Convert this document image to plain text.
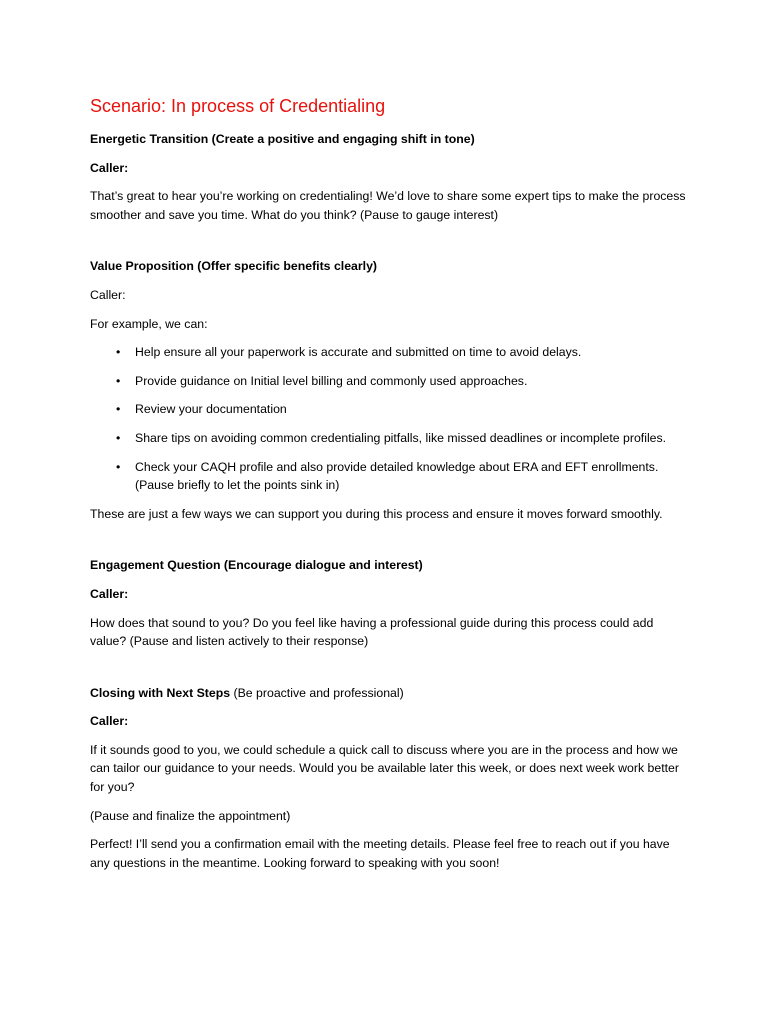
Scenario: In process of Credentialing

Energetic Transition (Create a positive and engaging shift in tone)

Caller:

That’s great to hear you’re working on credentialing! We’d love to share some expert tips to make the process smoother and save you time. What do you think? (Pause to gauge interest)

Value Proposition (Offer specific benefits clearly)

Caller:

For example, we can:

• Help ensure all your paperwork is accurate and submitted on time to avoid delays.
• Provide guidance on Initial level billing and commonly used approaches.
• Review your documentation
• Share tips on avoiding common credentialing pitfalls, like missed deadlines or incomplete profiles.
• Check your CAQH profile and also provide detailed knowledge about ERA and EFT enrollments. (Pause briefly to let the points sink in)

These are just a few ways we can support you during this process and ensure it moves forward smoothly.

Engagement Question (Encourage dialogue and interest)

Caller:

How does that sound to you? Do you feel like having a professional guide during this process could add value? (Pause and listen actively to their response)

Closing with Next Steps (Be proactive and professional)

Caller:

If it sounds good to you, we could schedule a quick call to discuss where you are in the process and how we can tailor our guidance to your needs. Would you be available later this week, or does next week work better for you?

(Pause and finalize the appointment)

Perfect! I’ll send you a confirmation email with the meeting details. Please feel free to reach out if you have any questions in the meantime. Looking forward to speaking with you soon!
